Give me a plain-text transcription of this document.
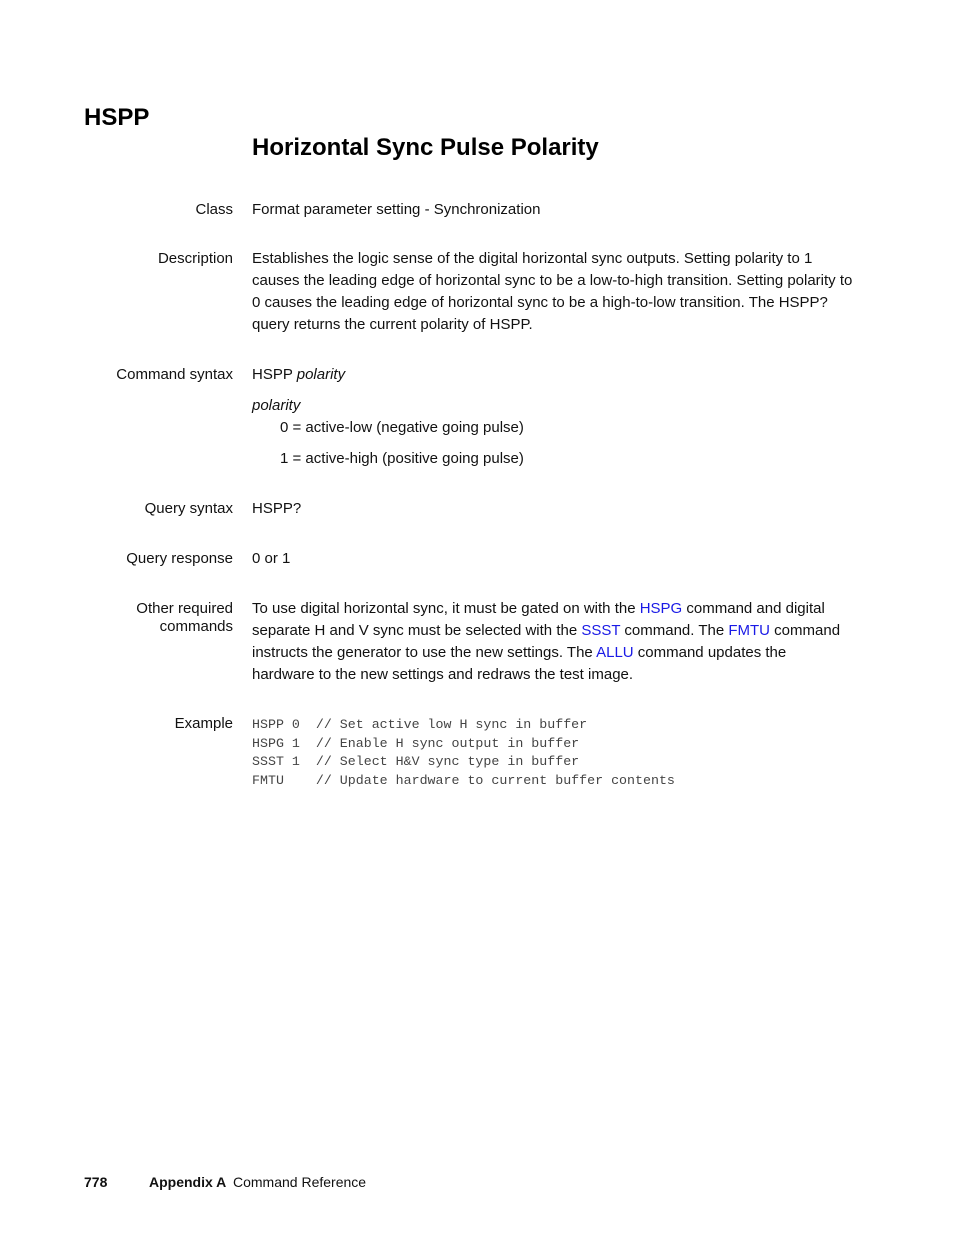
HSPP
Horizontal Sync Pulse Polarity
Class Format parameter setting - Synchronization
Description Establishes the logic sense of the digital horizontal sync outputs. Setting polarity to 1

causes the leading edge of horizontal sync to be a low-to-high transition. Setting polarity to

0 causes the leading edge of horizontal sync to be a high-to-low transition. The HSPP?

query returns the current polarity of HSPP.

Command syntax HSPP polarity
polarity
0 = active-low (negative going pulse)
1 = active-high (positive going pulse)
Query syntax HSPP?
Query response 0 or 1
Other required
commands

To use digital horizontal sync, it must be gated on with the HSPG command and digital

separate H and V sync must be selected with the SSST command. The FMTU command

instructs the generator to use the new settings. The ALLU command updates the

hardware to the new settings and redraws the test image.

Example HSPP 0  // Set active low H sync in buffer
HSPG 1  // Enable H sync output in buffer
SSST 1  // Select H&V sync type in buffer
FMTU    // Update hardware to current buffer contents
778	Appendix A Command Reference
